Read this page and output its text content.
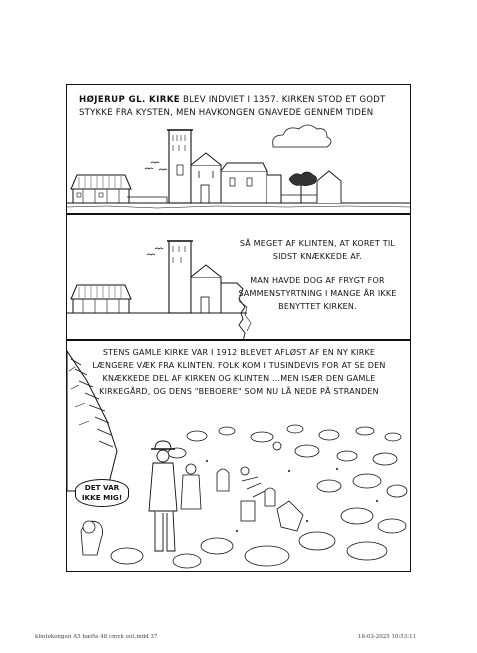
HØJERUP GL. KIRKE BLEV INDVIET I 1357. KIRKEN STOD ET GODT STYKKE FRA KYSTEN, MEN HAVKONGEN GNAVEDE GENNEM TIDEN
SÅ MEGET AF KLINTEN, AT KORET TIL SIDST KNÆKKEDE AF.
MAN HAVDE DOG AF FRYGT FOR SAMMENSTYRTNING I MANGE ÅR IKKE BENYTTET KIRKEN.
STENS GAMLE KIRKE VAR I 1912 BLEVET AFLØST AF EN NY KIRKE LÆNGERE VÆK FRA KLINTEN. FOLK KOM I TUSINDEVIS FOR AT SE DEN KNÆKKEDE DEL AF KIRKEN OG KLINTEN ...MEN ISÆR DEN GAMLE KIRKEGÅRD, OG DENS "BEBOERE" SOM NU LÅ NEDE PÅ STRANDEN
DET VAR IKKE MIG!
klintekongen A5 hæfte 48 cmyk out.indd 37	18-03-2025 10:53:11
